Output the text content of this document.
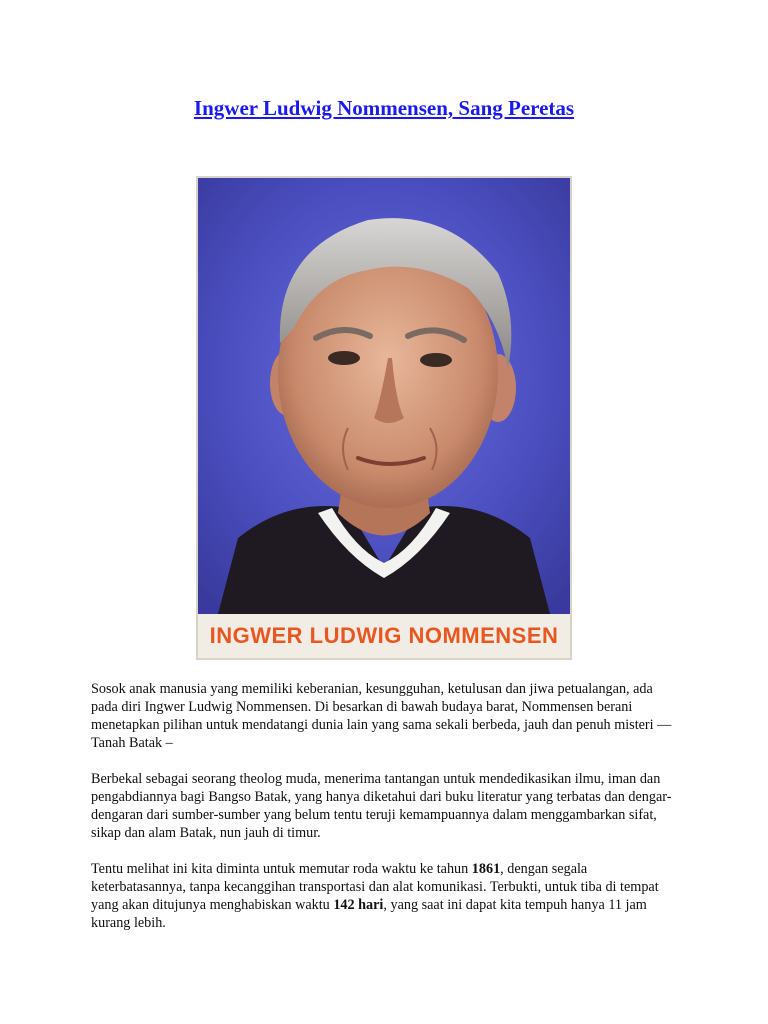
Ingwer Ludwig Nommensen, Sang Peretas
INGWER LUDWIG NOMMENSEN

Sosok anak manusia yang memiliki keberanian, kesungguhan, ketulusan dan jiwa petualangan, ada pada diri Ingwer Ludwig Nommensen. Di besarkan di bawah budaya barat, Nommensen berani menetapkan pilihan untuk mendatangi dunia lain yang sama sekali berbeda, jauh dan penuh misteri — Tanah Batak –

Berbekal sebagai seorang theolog muda, menerima tantangan untuk mendedikasikan ilmu, iman dan pengabdiannya bagi Bangso Batak, yang hanya diketahui dari buku literatur yang terbatas dan dengar-dengaran dari sumber-sumber yang belum tentu teruji kemampuannya dalam menggambarkan sifat, sikap dan alam Batak, nun jauh di timur.

Tentu melihat ini kita diminta untuk memutar roda waktu ke tahun 1861, dengan segala keterbatasannya, tanpa kecanggihan transportasi dan alat komunikasi. Terbukti, untuk tiba di tempat yang akan ditujunya menghabiskan waktu 142 hari, yang saat ini dapat kita tempuh hanya 11 jam kurang lebih.
